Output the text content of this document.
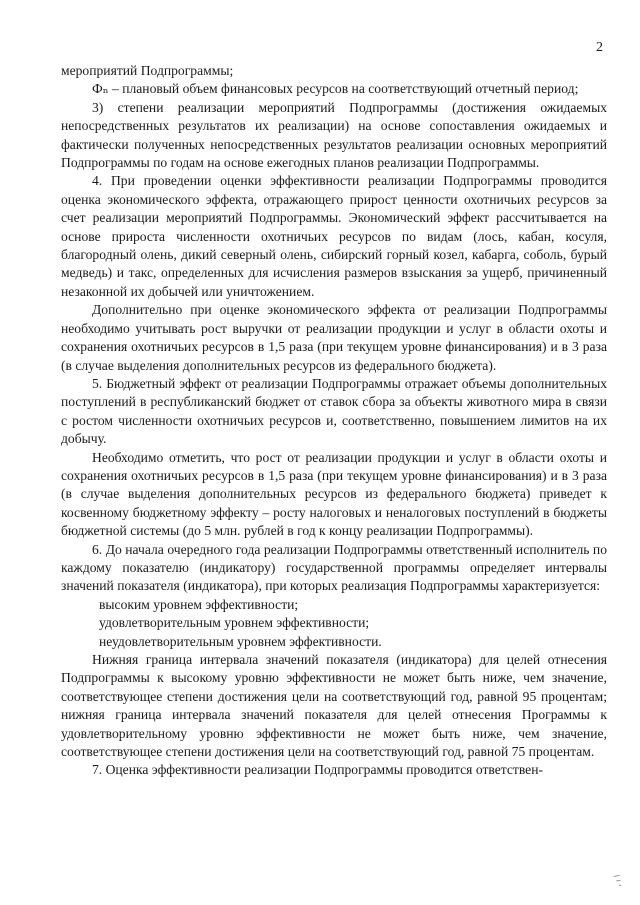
2

мероприятий Подпрограммы;

Фₙ – плановый объем финансовых ресурсов на соответствующий отчетный период;

3) степени реализации мероприятий Подпрограммы (достижения ожидаемых непосредственных результатов их реализации) на основе сопоставления ожидаемых и фактически полученных непосредственных результатов реализации основных мероприятий Подпрограммы по годам на основе ежегодных планов реализации Подпрограммы.

4. При проведении оценки эффективности реализации Подпрограммы проводится оценка экономического эффекта, отражающего прирост ценности охотничьих ресурсов за счет реализации мероприятий Подпрограммы. Экономический эффект рассчитывается на основе прироста численности охотничьих ресурсов по видам (лось, кабан, косуля, благородный олень, дикий северный олень, сибирский горный козел, кабарга, соболь, бурый медведь) и такс, определенных для исчисления размеров взыскания за ущерб, причиненный незаконной их добычей или уничтожением.

Дополнительно при оценке экономического эффекта от реализации Подпрограммы необходимо учитывать рост выручки от реализации продукции и услуг в области охоты и сохранения охотничьих ресурсов в 1,5 раза (при текущем уровне финансирования) и в 3 раза (в случае выделения дополнительных ресурсов из федерального бюджета).

5. Бюджетный эффект от реализации Подпрограммы отражает объемы дополнительных поступлений в республиканский бюджет от ставок сбора за объекты животного мира в связи с ростом численности охотничьих ресурсов и, соответственно, повышением лимитов на их добычу.

Необходимо отметить, что рост от реализации продукции и услуг в области охоты и сохранения охотничьих ресурсов в 1,5 раза (при текущем уровне финансирования) и в 3 раза (в случае выделения дополнительных ресурсов из федерального бюджета) приведет к косвенному бюджетному эффекту – росту налоговых и неналоговых поступлений в бюджеты бюджетной системы (до 5 млн. рублей в год к концу реализации Подпрограммы).

6. До начала очередного года реализации Подпрограммы ответственный исполнитель по каждому показателю (индикатору) государственной программы определяет интервалы значений показателя (индикатора), при которых реализация Подпрограммы характеризуется:

высоким уровнем эффективности;

удовлетворительным уровнем эффективности;

неудовлетворительным уровнем эффективности.

Нижняя граница интервала значений показателя (индикатора) для целей отнесения Подпрограммы к высокому уровню эффективности не может быть ниже, чем значение, соответствующее степени достижения цели на соответствующий год, равной 95 процентам; нижняя граница интервала значений показателя для целей отнесения Программы к удовлетворительному уровню эффективности не может быть ниже, чем значение, соответствующее степени достижения цели на соответствующий год, равной 75 процентам.

7. Оценка эффективности реализации Подпрограммы проводится ответствен-
